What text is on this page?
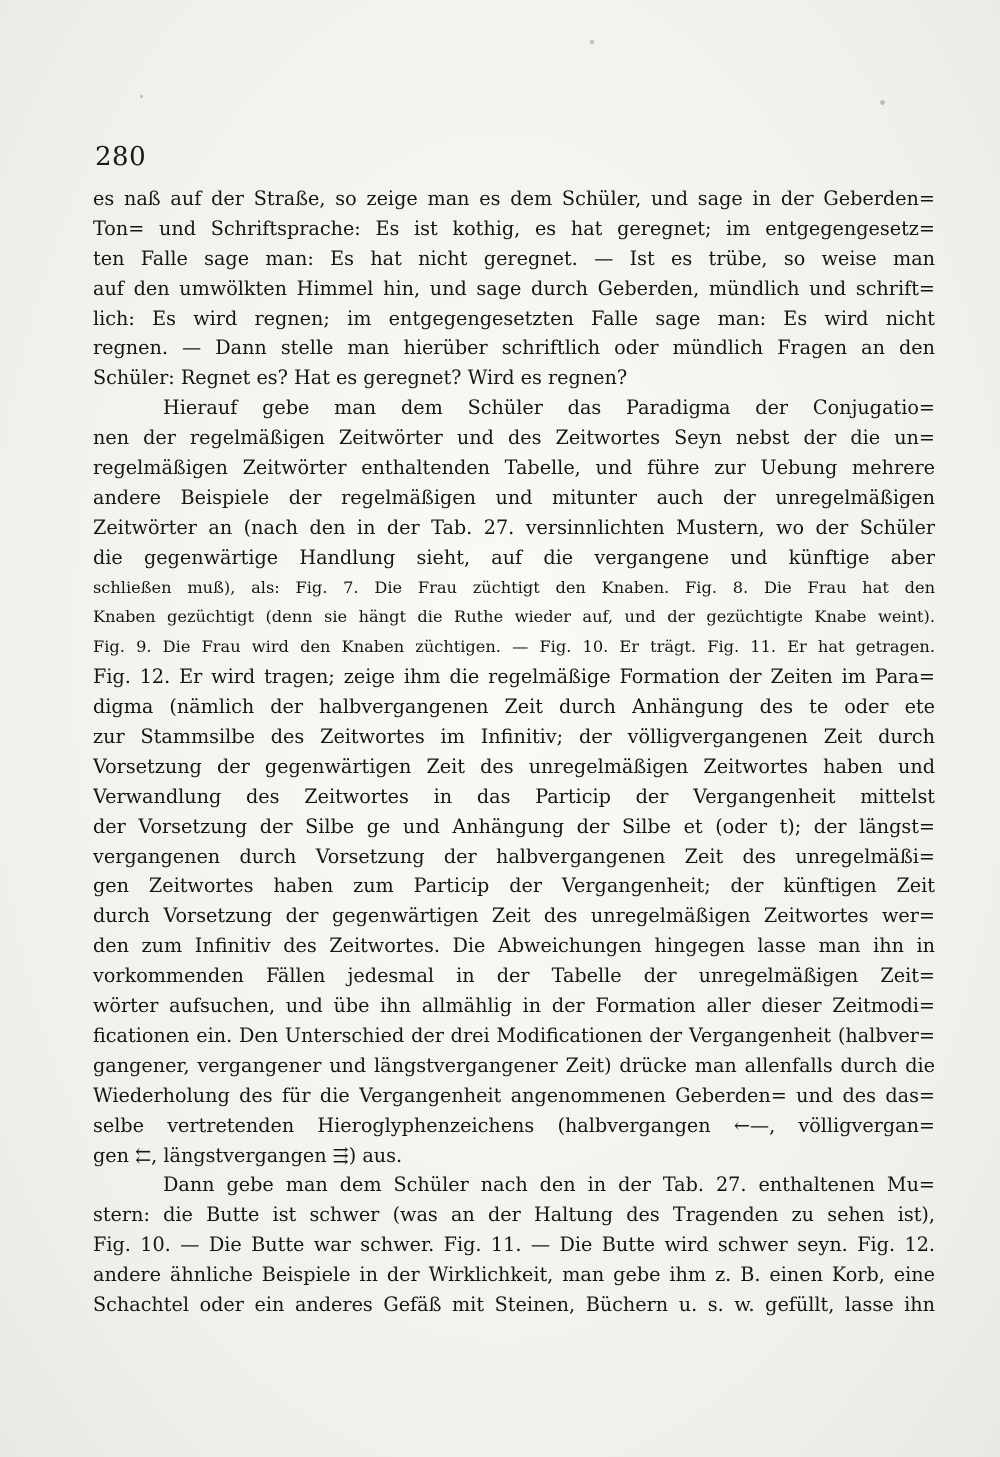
280
es naß auf der Straße, so zeige man es dem Schüler, und sage in der Geberden=
Ton= und Schriftsprache: Es ist kothig, es hat geregnet; im entgegengesetz=
ten Falle sage man: Es hat nicht geregnet. — Ist es trübe, so weise man
auf den umwölkten Himmel hin, und sage durch Geberden, mündlich und schrift=
lich: Es wird regnen; im entgegengesetzten Falle sage man: Es wird nicht
regnen. — Dann stelle man hierüber schriftlich oder mündlich Fragen an den
Schüler: Regnet es? Hat es geregnet? Wird es regnen?
Hierauf gebe man dem Schüler das Paradigma der Conjugatio=
nen der regelmäßigen Zeitwörter und des Zeitwortes Seyn nebst der die un=
regelmäßigen Zeitwörter enthaltenden Tabelle, und führe zur Uebung mehrere
andere Beispiele der regelmäßigen und mitunter auch der unregelmäßigen
Zeitwörter an (nach den in der Tab. 27. versinnlichten Mustern, wo der Schüler
die gegenwärtige Handlung sieht, auf die vergangene und künftige aber
schließen muß), als: Fig. 7. Die Frau züchtigt den Knaben. Fig. 8. Die Frau hat den
Knaben gezüchtigt (denn sie hängt die Ruthe wieder auf, und der gezüchtigte Knabe weint).
Fig. 9. Die Frau wird den Knaben züchtigen. — Fig. 10. Er trägt. Fig. 11. Er hat getragen.
Fig. 12. Er wird tragen; zeige ihm die regelmäßige Formation der Zeiten im Para=
digma (nämlich der halbvergangenen Zeit durch Anhängung des te oder ete
zur Stammsilbe des Zeitwortes im Infinitiv; der völligvergangenen Zeit durch
Vorsetzung der gegenwärtigen Zeit des unregelmäßigen Zeitwortes haben und
Verwandlung des Zeitwortes in das Particip der Vergangenheit mittelst
der Vorsetzung der Silbe ge und Anhängung der Silbe et (oder t); der längst=
vergangenen durch Vorsetzung der halbvergangenen Zeit des unregelmäßi=
gen Zeitwortes haben zum Particip der Vergangenheit; der künftigen Zeit
durch Vorsetzung der gegenwärtigen Zeit des unregelmäßigen Zeitwortes wer=
den zum Infinitiv des Zeitwortes. Die Abweichungen hingegen lasse man ihn in
vorkommenden Fällen jedesmal in der Tabelle der unregelmäßigen Zeit=
wörter aufsuchen, und übe ihn allmählig in der Formation aller dieser Zeitmodi=
ficationen ein. Den Unterschied der drei Modificationen der Vergangenheit (halbver=
gangener, vergangener und längstvergangener Zeit) drücke man allenfalls durch die
Wiederholung des für die Vergangenheit angenommenen Geberden= und des das=
selbe vertretenden Hieroglyphenzeichens (halbvergangen ←—, völligvergan=
gen ⇇, längstvergangen ⇶) aus.
Dann gebe man dem Schüler nach den in der Tab. 27. enthaltenen Mu=
stern: die Butte ist schwer (was an der Haltung des Tragenden zu sehen ist),
Fig. 10. — Die Butte war schwer. Fig. 11. — Die Butte wird schwer seyn. Fig. 12.
andere ähnliche Beispiele in der Wirklichkeit, man gebe ihm z. B. einen Korb, eine
Schachtel oder ein anderes Gefäß mit Steinen, Büchern u. s. w. gefüllt, lasse ihn
